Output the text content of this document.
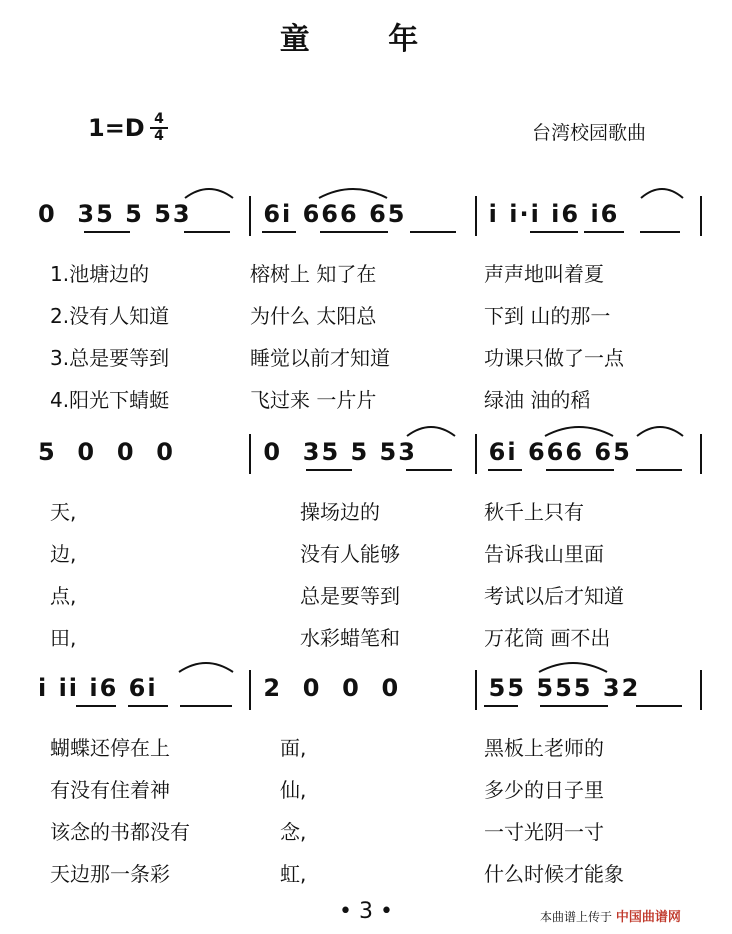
童 年
1=D 4
4	台湾校园歌曲
0  35 5 53	6i 666 65	i i·i i6 i6
1.池塘边的	榕树上 知了在	声声地叫着夏
2.没有人知道	为什么 太阳总	下到 山的那一
3.总是要等到	睡觉以前才知道	功课只做了一点
4.阳光下蜻蜓	飞过来 一片片	绿油 油的稻
5  0  0  0	0  35 5 53	6i 666 65
天,	操场边的	秋千上只有
边,	没有人能够	告诉我山里面
点,	总是要等到	考试以后才知道
田,	水彩蜡笔和	万花筒 画不出
i ii i6 6i	2  0  0  0	55 555 32
蝴蝶还停在上	面,	黑板上老师的
有没有住着神	仙,	多少的日子里
该念的书都没有	念,	一寸光阴一寸
天边那一条彩	虹,	什么时候才能象
• 3 •	本曲谱上传于 中国曲谱网
